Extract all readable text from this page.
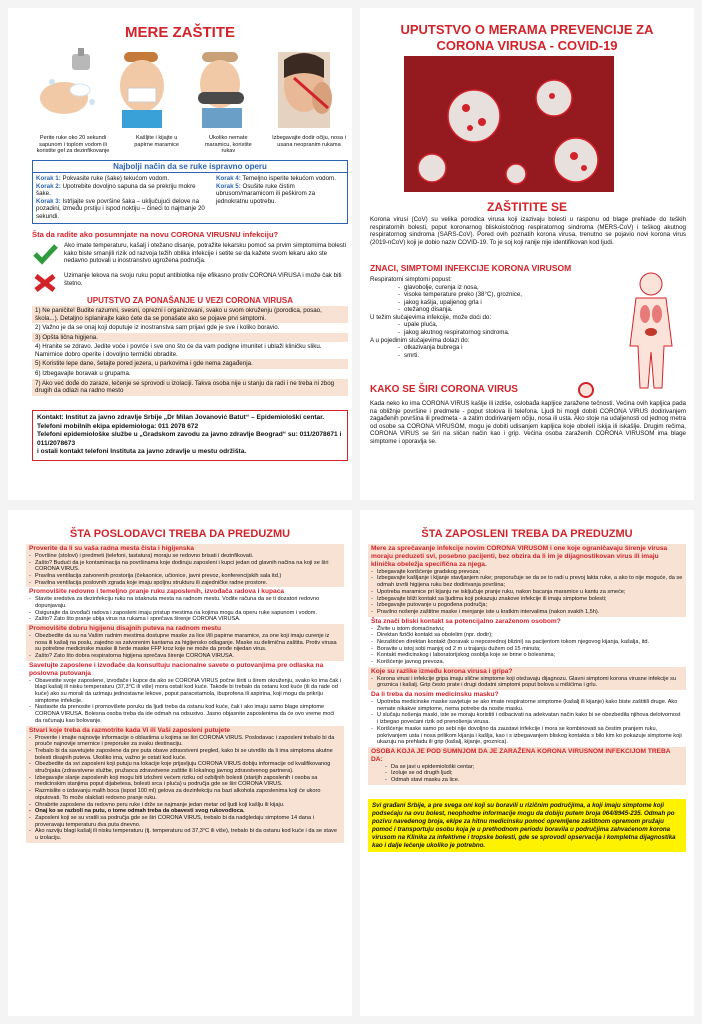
MERE ZAŠTITE
Perite ruke oko 20 sekundi sapunom i toplom vodom ili koristite gel za dezinfikovanje
Kašljite i kijajte u papirne maramice
Ukoliko nemate maramicu, koristite rukav
Izbegavajte dodir očiju, nosa i usana neopranim rukama
Najbolji način da se ruke ispravno operu
Korak 1: Pokvasite ruke (šake) tekućom vodom.
Korak 2: Upotrebite dovoljno sapuna da se prekriju mokre šake.
Korak 3: Istrljajte sve površine šaka – uključujući delove na pozadini, između prstiju i ispod noktiju – čineći to najmanje 20 sekundi.
Korak 4: Temeljno isperite tekućom vodom.
Korak 5: Osušite ruke čistim ubrusom/maramicom ili peškirom za jednokratnu upotrebu.
Šta da radite ako posumnjate na novu CORONA VIRUSNU infekciju?
Ako imate temperaturu, kašalj i otežano disanje, potražite lekarsku pomoć sa prvim simptomima bolesti kako biste smanjili rizik od razvoja težih oblika infekcije i setite se da kažete svom lekaru ako ste nedavno putovali u inostranstvo ugrožena područja.
Uzimanje lekova na svoju ruku poput antibiotika nije efikasno protiv CORONA VIRUSA i može čak biti štetno.
UPUTSTVO ZA PONAŠANJE U VEZI CORONA VIRUSA
1) Ne paničite! Budite razumni, svesni, oprezni i organizovani, svako u svom okruženju (porodica, posao, škola...). Detaljno isplanirajte kako ćete da se ponašate ako se pojave prvi simptomi.
2) Važno je da se onaj koji doputuje iz inostranstva sam prijavi gde je sve i koliko boravio.
3) Opšta lična higijena.
4) Hranite se zdravo. Jedite voće i povrće i sve ono što će da vam podigne imunitet i ublaži kliničku sliku. Namirnice dobro operite i dovoljno termički obradite.
5) Koristite lepe dane, šetajte pored jezera, u parkovima i gde nema zagađenja.
6) Izbegavajte boravak u grupama.
7) Ako već dođe do zaraze, lečenje se sprovodi u izolaciji. Takva osoba nije u stanju da radi i ne treba ni zbog drugih da odlazi na radno mesto
Kontakt: Institut za javno zdravlje Srbije „Dr Milan Jovanović Batut“ – Epidemiološki centar.
Telefoni mobilnih ekipa epidemiologa: 011 2078 672
Telefoni epidemiološke službe u „Gradskom zavodu za javno zdravlje Beograd“ su: 011/2078671 i 011/2078673
i ostali kontakt telefoni Instituta za javno zdravlje u mestu održišta.
UPUTSTVO O MERAMA PREVENCIJE ZA CORONA VIRUSA - COVID-19
ZAŠTITITE SE
Korona virusi (CoV) su velika porodica virusa koji izazivaju bolesti u rasponu od blage prehlade do teških respiratornih bolesti, poput koronarnog bliskoistočnog respiratornog sindroma (MERS-CoV) i teškog akutnog respiratornog sindroma (SARS-CoV). Pored ovih poznatih korona virusa, trenutno se pojavio novi korona virus (2019-nCoV) koji je dobio naziv COVID-19. To je soj koji ranije nije identifikovan kod ljudi.
ZNACI, SIMPTOMI INFEKCIJE KORONA VIRUSOM
Respiratorni simptomi popust:
- glavobolje, curenja iz nosa,
- visoke temperature preko (38°C), groznice,
- jakog kašlja, upaljenog grla i
- otežanog disanja.
U težim slučajevima infekcije, može doći do:
- upale pluća,
- jakog akutnog respiratornog sindroma.
A u pojedinim slučajevima dolazi do:
- otkazivanja bubrega i
- smrti.
KAKO SE ŠIRI CORONA VIRUS
Kada neko ko ima CORONA VIRUS kašlje ili izdiše, oslobađa kapljice zaražene tečnosti. Većina ovih kapljica pada na obližnje površine i predmete - poput stolova ili telefona. Ljudi bi mogli dobiti CORONA VIRUS dodirivanjem zagađenih površina ili predmeta - a zatim dodirivanjem očiju, nosa ili usta. Ako stoje na udaljenosti od jednog metra od osobe sa CORONA VIRUSOM, mogu je dobiti udisanjem kapljica koje obolelí iskija ili iskašlje. Drugim rečima, CORONA VIRUS se širi na sličan način kao i grip. Većina osoba zaraženih CORONA VIRUSOM ima blage simptome i oporavlja se.
ŠTA POSLODAVCI TREBA DA PREDUZMU
Proverite da li su vaša radna mesta čista i higijenska
- Površine (stolovi) i predmeti (telefoni, tastatura) moraju se redovno brisati i dezinfikovati.
- Zašto? Budući da je kontaminacija na površinama koje dodiruju zaposleni i kupci jedan od glavnih načina na koji se širi CORONA VIRUS.
- Pravilna ventilacija zatvorenih prostorija (čekaonice, učionice, javni prevoz, konferencijskih sala itd.)
- Pravilna ventilacija poslovnih zgrada koje imaju spoljnu strukturu ili zajedničke radne prostore.
Promovišite redovno i temeljno pranje ruku zaposlenih, izvođača radova i kupaca
- Stavite sredstva za dezinfekciju ruku na istaknuta mesta na radnom mestu. Vodite računa da se ti dozatori redovno dopunjavaju.
- Osigurajte da izvođači radova i zaposleni imaju pristup mestima na kojima mogu da operu ruke sapunom i vodom.
- Zašto? Zato što pranje ubija virus na rukama i sprečava širenje CORONA VIRUSA.
Promovišite dobru higijenu disajnih puteva na radnom mestu
- Obezbedite da su na Vašim radnim mestima dostupne maske za lice i/ili papirne maramice, za one koji imaju curenje iz nosa ili kašalj na poslu, zajedno sa zatvorenim kantama za higijensko odlaganje. Maske su delimična zaštita. Protiv virusa su potrebne medicinske maske ili tvrde maske FFP kroz koje ne može da prođe nijedan virus.
- Zašto? Zato što dobra respiratorna higijena sprečava širenje CORONA VIRUSA.
Savetujte zaposlene i izvođače da konsultuju nacionalne savete o putovanjima pre odlaska na poslovna putovanja
- Obavestite svoje zaposlene, izvođače i kupce da ako se CORONA VIRUS počne širiti u širem okruženju, svako ko ima čak i blagi kašalj ili nisku temperaturu (37,3°C ili više) mora ostati kod kuće. Takođe bi trebalo da ostanu kod kuće (ili da rade od kuće) ako su morali da uzimaju jednostavne lekove, poput paracetamola, ibuprofena ili aspirina, koji mogu da prikriju simptome infekcije.
- Nastavite da prenosite i promovišete poruku da ljudi treba da ostanu kod kuće, čak i ako imaju samo blage simptome CORONA VIRUSA. Bolesna osoba treba da ide odmah na odsustvo. Jasno objasnite zaposlenima da će ovo vreme moći da računaju kao bolovanje.
Stvari koje treba da razmotrite kada Vi ili Vaši zaposleni putujete
- Proverite i imajte najnovije informacije o oblastima u kojima se širi CORONA VIRUS. Poslodavac i zaposleni trebalo bi da prouče najnovije smernice i preporuke za svaku destinaciju.
- Trebalo bi da savetujete zaposlene da pre puta obave zdravstveni pregled, kako bi se utvrdilo da li ima simptoma akutne bolesti disajnih puteva. Ukoliko ima, važno je ostati kod kuće.
- Obezbedite da svi zaposleni koji putuju na lokacije koje prijavljuju CORONA VIRUS dobiju informacije od kvalifikovanog stručnjaka (zdravstvene službe, pružaoca zdravstvene zaštite ili lokalnog javnog zdravstvenog partnera).
- Izbegavajte slanje zaposlenih koji mogu biti izloženi većem riziku od ozbiljnih bolesti (starijih zaposlenih i osoba sa medicinskim stanjima poput dijabetesa, bolesti srca i pluća) u područja gde se širi CORONA VIRUS.
- Razmislite o izdavanju malih boca (ispod 100 ml) gelova za dezinfekciju na bazi alkohola zaposlenima koji će ukoro otputovati. To može olakšati redovno pranje ruku.
- Ohrabrite zaposlene da redovno peru ruke i drže se najmanje jedan metar od ljudi koji kašlju ili kijaju.
- Onaj ko se razboli na putu, o tome odmah treba da obavesti svog rukovodioca.
- Zaposleni koji se su vratili sa područja gde se širi CORONA VIRUS, trebalo bi da nadgledaju simptome 14 dana i proveravaju temperaturu dva puta dnevno.
- Ako razviju blagi kašalj ili nisku temperaturu (tj. temperaturu od 37,3°C ili više), trebalo bi da ostanu kod kuće i da se stave u izolaciju.
ŠTA ZAPOSLENI TREBA DA PREDUZMU
Mere za sprečavanje infekcije novim CORONA VIRUSOM i one koje ograničavaju širenje virusa moraju preduzeti svi, posebno pacijenti, bez obzira da li im je dijagnostikovan virus ili imaju klinička obeležja specifična za njega.
- Izbegavajte korišćenje gradskog prevoza;
- Izbegavajte kašljanje i kijanje stavljanjem ruke; preporučuje se da se to radi u prevoj lakta ruke, a ako to nije moguće, da se odmah izvrši higijena ruku bez dodirivanja površina;
- Upotreba maramice pri kijanju ne isključuje pranje ruku, nakon bacanja maramice u kantu za smeće;
- Izbegavajte bliži kontakt sa ljudima koji pokazuju znakove infekcije ili imaju simptome bolesti;
- Izbegavajte putovanje u pogođena područja;
- Pravilno nošenje zaštitne maske i menjanje iste u kratkim intervalima (nakon svakih 1,5h).
Šta znači bliski kontakt sa potencijalno zaraženom osobom?
- Živite u istom domaćinstvu;
- Direktan fizički kontakt sa obolelim (npr. dodir);
- Nezaštićen direktan kontakt (boravak u neposrednoj blizini) sa pacijentom tokom njegovog kijanja, kašalja, itd.
- Boravite u istoj sobi manjoj od 2 m u trajanju dužem od 15 minuta;
- Kontakt medicinskog i laboratorijskog osoblja koje se brine o bolesnima;
- Korišćenje javnog prevoza.
Koje su razlike između korona virusa i gripa?
- Korona virusi i infekcije gripa imaju slične simptome koji otežavaju dijagnozu. Glavni simptomi korona virusne infekcije su groznica i kašalj. Grip često prate i drugi dodatni simptomi poput bolova u mišićima i grlu.
Da li treba da nosim medicinsku masku?
- Upotreba medicinske maske savjetuje se ako imate respiratorne simptome (kašalj ili kijanje) kako biste zaštitili druge. Ako nemate nikakve simptome, nema potrebe da nosite masku.
- U slučaju nošenja maski, iste se moraju koristiti i odbacivati na adekvatan način kako bi se obezbedila njihova delotvornost i izbegao povećani rizik od prenošenja virusa.
- Korišćenje maske samo po sebi nije dovoljno da zaustavi infekcije i mora se kombinovati sa čestim pranjem ruku, pokrivanjem usta i nosa prilikom kijanja i kašlja, kao i s izbegavanjem bliskog kontakta s bilo kim ko pokazuje simptome koji ukazuju na prehladu ili grip (kašalj, kijanje, groznica).
OSOBA KOJA JE POD SUMNJOM DA JE ZARAŽENA KORONA VIRUSNOM INFEKCIJOM TREBA DA:
- Da se javi u epidemiološki centar;
- Izoluje se od drugih ljudi;
- Odmah stavi masku za lice.
Svi građani Srbije, a pre svega oni koji su boravili u rizičnim područjima, a koji imaju simptome koji podsećaju na ovu bolest, neophodne informacije mogu da dobiju putem broja 064/8945-235. Odmah po pozivu navedenog broja, ekipe za hitnu medicinsku pomoć opremljene zaštitnom opremom pružaju pomoć i transportuju osobu koja je u prethodnom periodu boravila u područjima zahvaćenom korona virusom na Klinika za infektivne i tropske bolesti, gde se sprovodi opservacija i kompletna dijagnostika kao i dalje lečenje ukoliko je potrebno.
